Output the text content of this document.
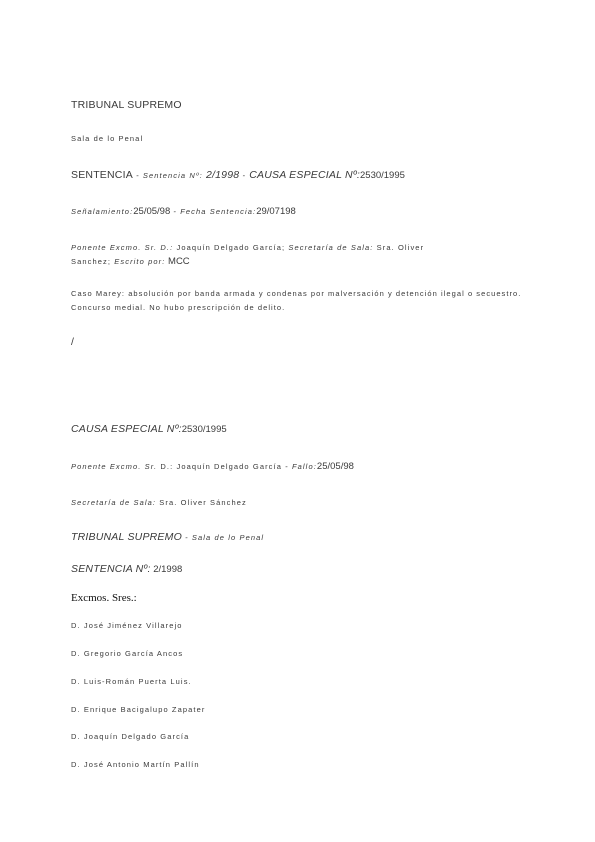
TRIBUNAL SUPREMO
Sala de lo Penal
SENTENCIA - Sentencia Nº: 2/1998 - CAUSA ESPECIAL Nº:2530/1995
Señalamiento:25/05/98 - Fecha Sentencia:29/07198
Ponente Excmo. Sr. D.: Joaquín Delgado García; Secretaría de Sala: Sra. Oliver
Sanchez; Escrito por: MCC
Caso Marey: absolución por banda armada y condenas por malversación y detención ilegal o secuestro. Concurso medial. No hubo prescripción de delito.
/
CAUSA ESPECIAL Nº:2530/1995
Ponente Excmo. Sr. D.: Joaquín Delgado García - Fallo:25/05/98
Secretaría de Sala: Sra. Oliver Sánchez
TRIBUNAL SUPREMO - Sala de lo Penal
SENTENCIA Nº: 2/1998
Excmos. Sres.:
D. José Jiménez Villarejo
D. Gregorio García Ancos
D. Luis-Román Puerta Luis.
D. Enrique Bacigalupo Zapater
D. Joaquín Delgado García
D. José Antonio Martín Pallín
